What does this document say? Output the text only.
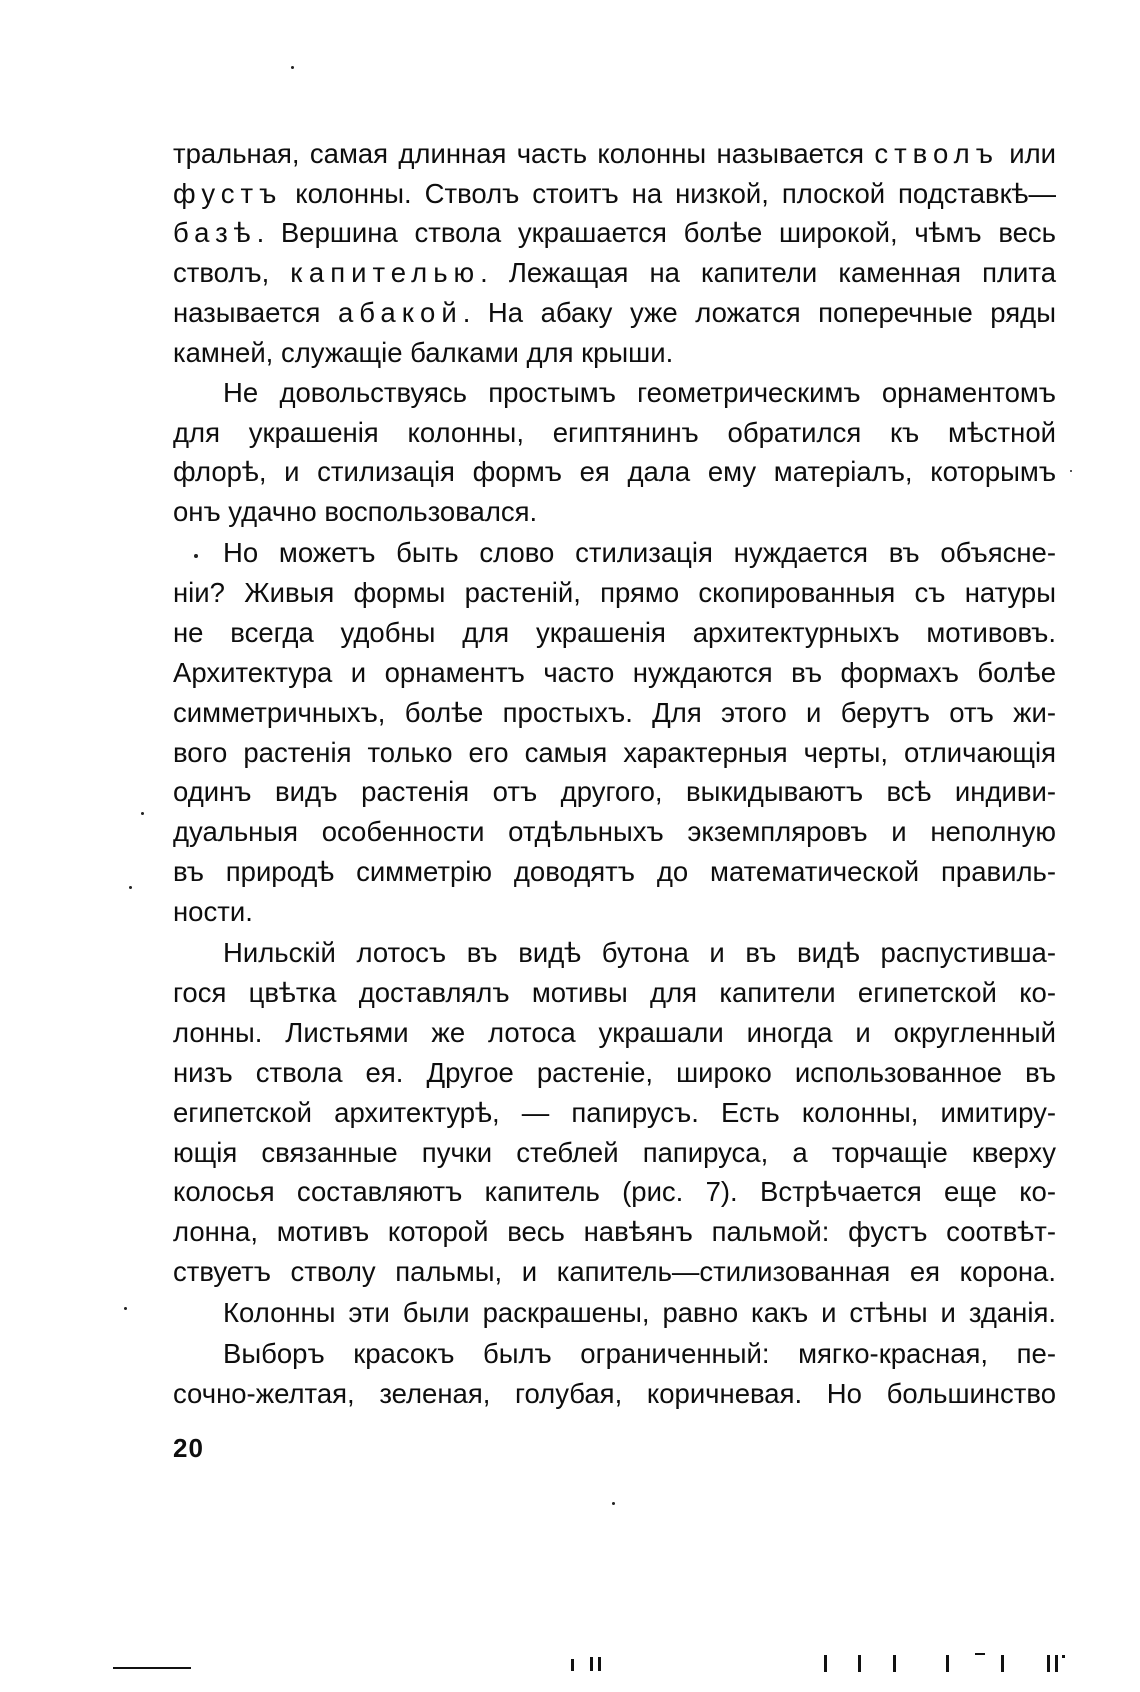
тральная, самая длинная часть колонны называется стволъ или
фустъ колонны. Стволъ стоитъ на низкой, плоской подставкѣ—
базѣ. Вершина ствола украшается болѣе широкой, чѣмъ весь
стволъ, капителью. Лежащая на капители каменная плита
называется абакой. На абаку уже ложатся поперечные ряды
камней, служащіе балками для крыши.
Не довольствуясь простымъ геометрическимъ орнаментомъ
для украшенія колонны, египтянинъ обратился къ мѣстной
флорѣ, и стилизація формъ ея дала ему матеріалъ, которымъ
онъ удачно воспользовался.
Но можетъ быть слово стилизація нуждается въ объясне-
ніи? Живыя формы растеній, прямо скопированныя съ натуры
не всегда удобны для украшенія архитектурныхъ мотивовъ.
Архитектура и орнаментъ часто нуждаются въ формахъ болѣе
симметричныхъ, болѣе простыхъ. Для этого и берутъ отъ жи-
вого растенія только его самыя характерныя черты, отличающія
одинъ видъ растенія отъ другого, выкидываютъ всѣ индиви-
дуальныя особенности отдѣльныхъ экземпляровъ и неполную
въ природѣ симметрію доводятъ до математической правиль-
ности.
Нильскій лотосъ въ видѣ бутона и въ видѣ распустивша-
гося цвѣтка доставлялъ мотивы для капители египетской ко-
лонны. Листьями же лотоса украшали иногда и округленный
низъ ствола ея. Другое растеніе, широко использованное въ
египетской архитектурѣ, — папирусъ. Есть колонны, имитиру-
ющія связанные пучки стеблей папируса, а торчащіе кверху
колосья составляютъ капитель (рис. 7). Встрѣчается еще ко-
лонна, мотивъ которой весь навѣянъ пальмой: фустъ соотвѣт-
ствуетъ стволу пальмы, и капитель—стилизованная ея корона.
Колонны эти были раскрашены, равно какъ и стѣны и зданія.
Выборъ красокъ былъ ограниченный: мягко-красная, пе-
сочно-желтая, зеленая, голубая, коричневая. Но большинство
20
